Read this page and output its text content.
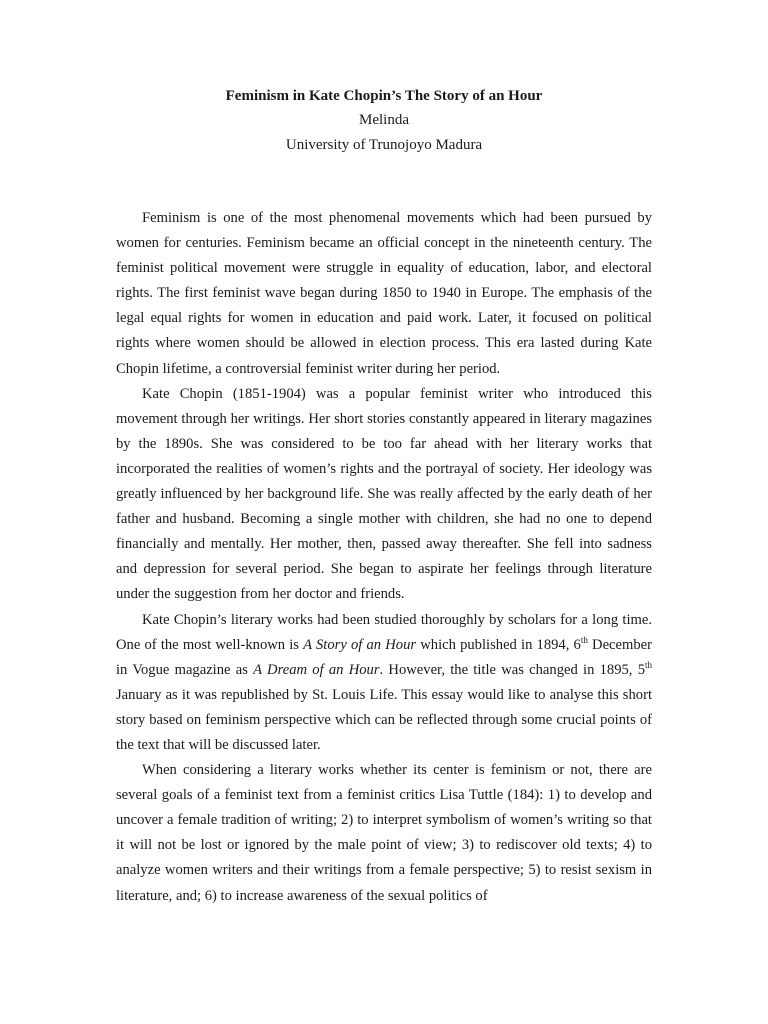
Feminism in Kate Chopin’s The Story of an Hour

Melinda

University of Trunojoyo Madura

Feminism is one of the most phenomenal movements which had been pursued by women for centuries. Feminism became an official concept in the nineteenth century. The feminist political movement were struggle in equality of education, labor, and electoral rights. The first feminist wave began during 1850 to 1940 in Europe. The emphasis of the legal equal rights for women in education and paid work. Later, it focused on political rights where women should be allowed in election process. This era lasted during Kate Chopin lifetime, a controversial feminist writer during her period.

Kate Chopin (1851-1904) was a popular feminist writer who introduced this movement through her writings. Her short stories constantly appeared in literary magazines by the 1890s. She was considered to be too far ahead with her literary works that incorporated the realities of women’s rights and the portrayal of society. Her ideology was greatly influenced by her background life. She was really affected by the early death of her father and husband. Becoming a single mother with children, she had no one to depend financially and mentally. Her mother, then, passed away thereafter. She fell into sadness and depression for several period. She began to aspirate her feelings through literature under the suggestion from her doctor and friends.

Kate Chopin’s literary works had been studied thoroughly by scholars for a long time. One of the most well-known is A Story of an Hour which published in 1894, 6th December in Vogue magazine as A Dream of an Hour. However, the title was changed in 1895, 5th January as it was republished by St. Louis Life. This essay would like to analyse this short story based on feminism perspective which can be reflected through some crucial points of the text that will be discussed later.

When considering a literary works whether its center is feminism or not, there are several goals of a feminist text from a feminist critics Lisa Tuttle (184): 1) to develop and uncover a female tradition of writing; 2) to interpret symbolism of women’s writing so that it will not be lost or ignored by the male point of view; 3) to rediscover old texts; 4) to analyze women writers and their writings from a female perspective; 5) to resist sexism in literature, and; 6) to increase awareness of the sexual politics of
